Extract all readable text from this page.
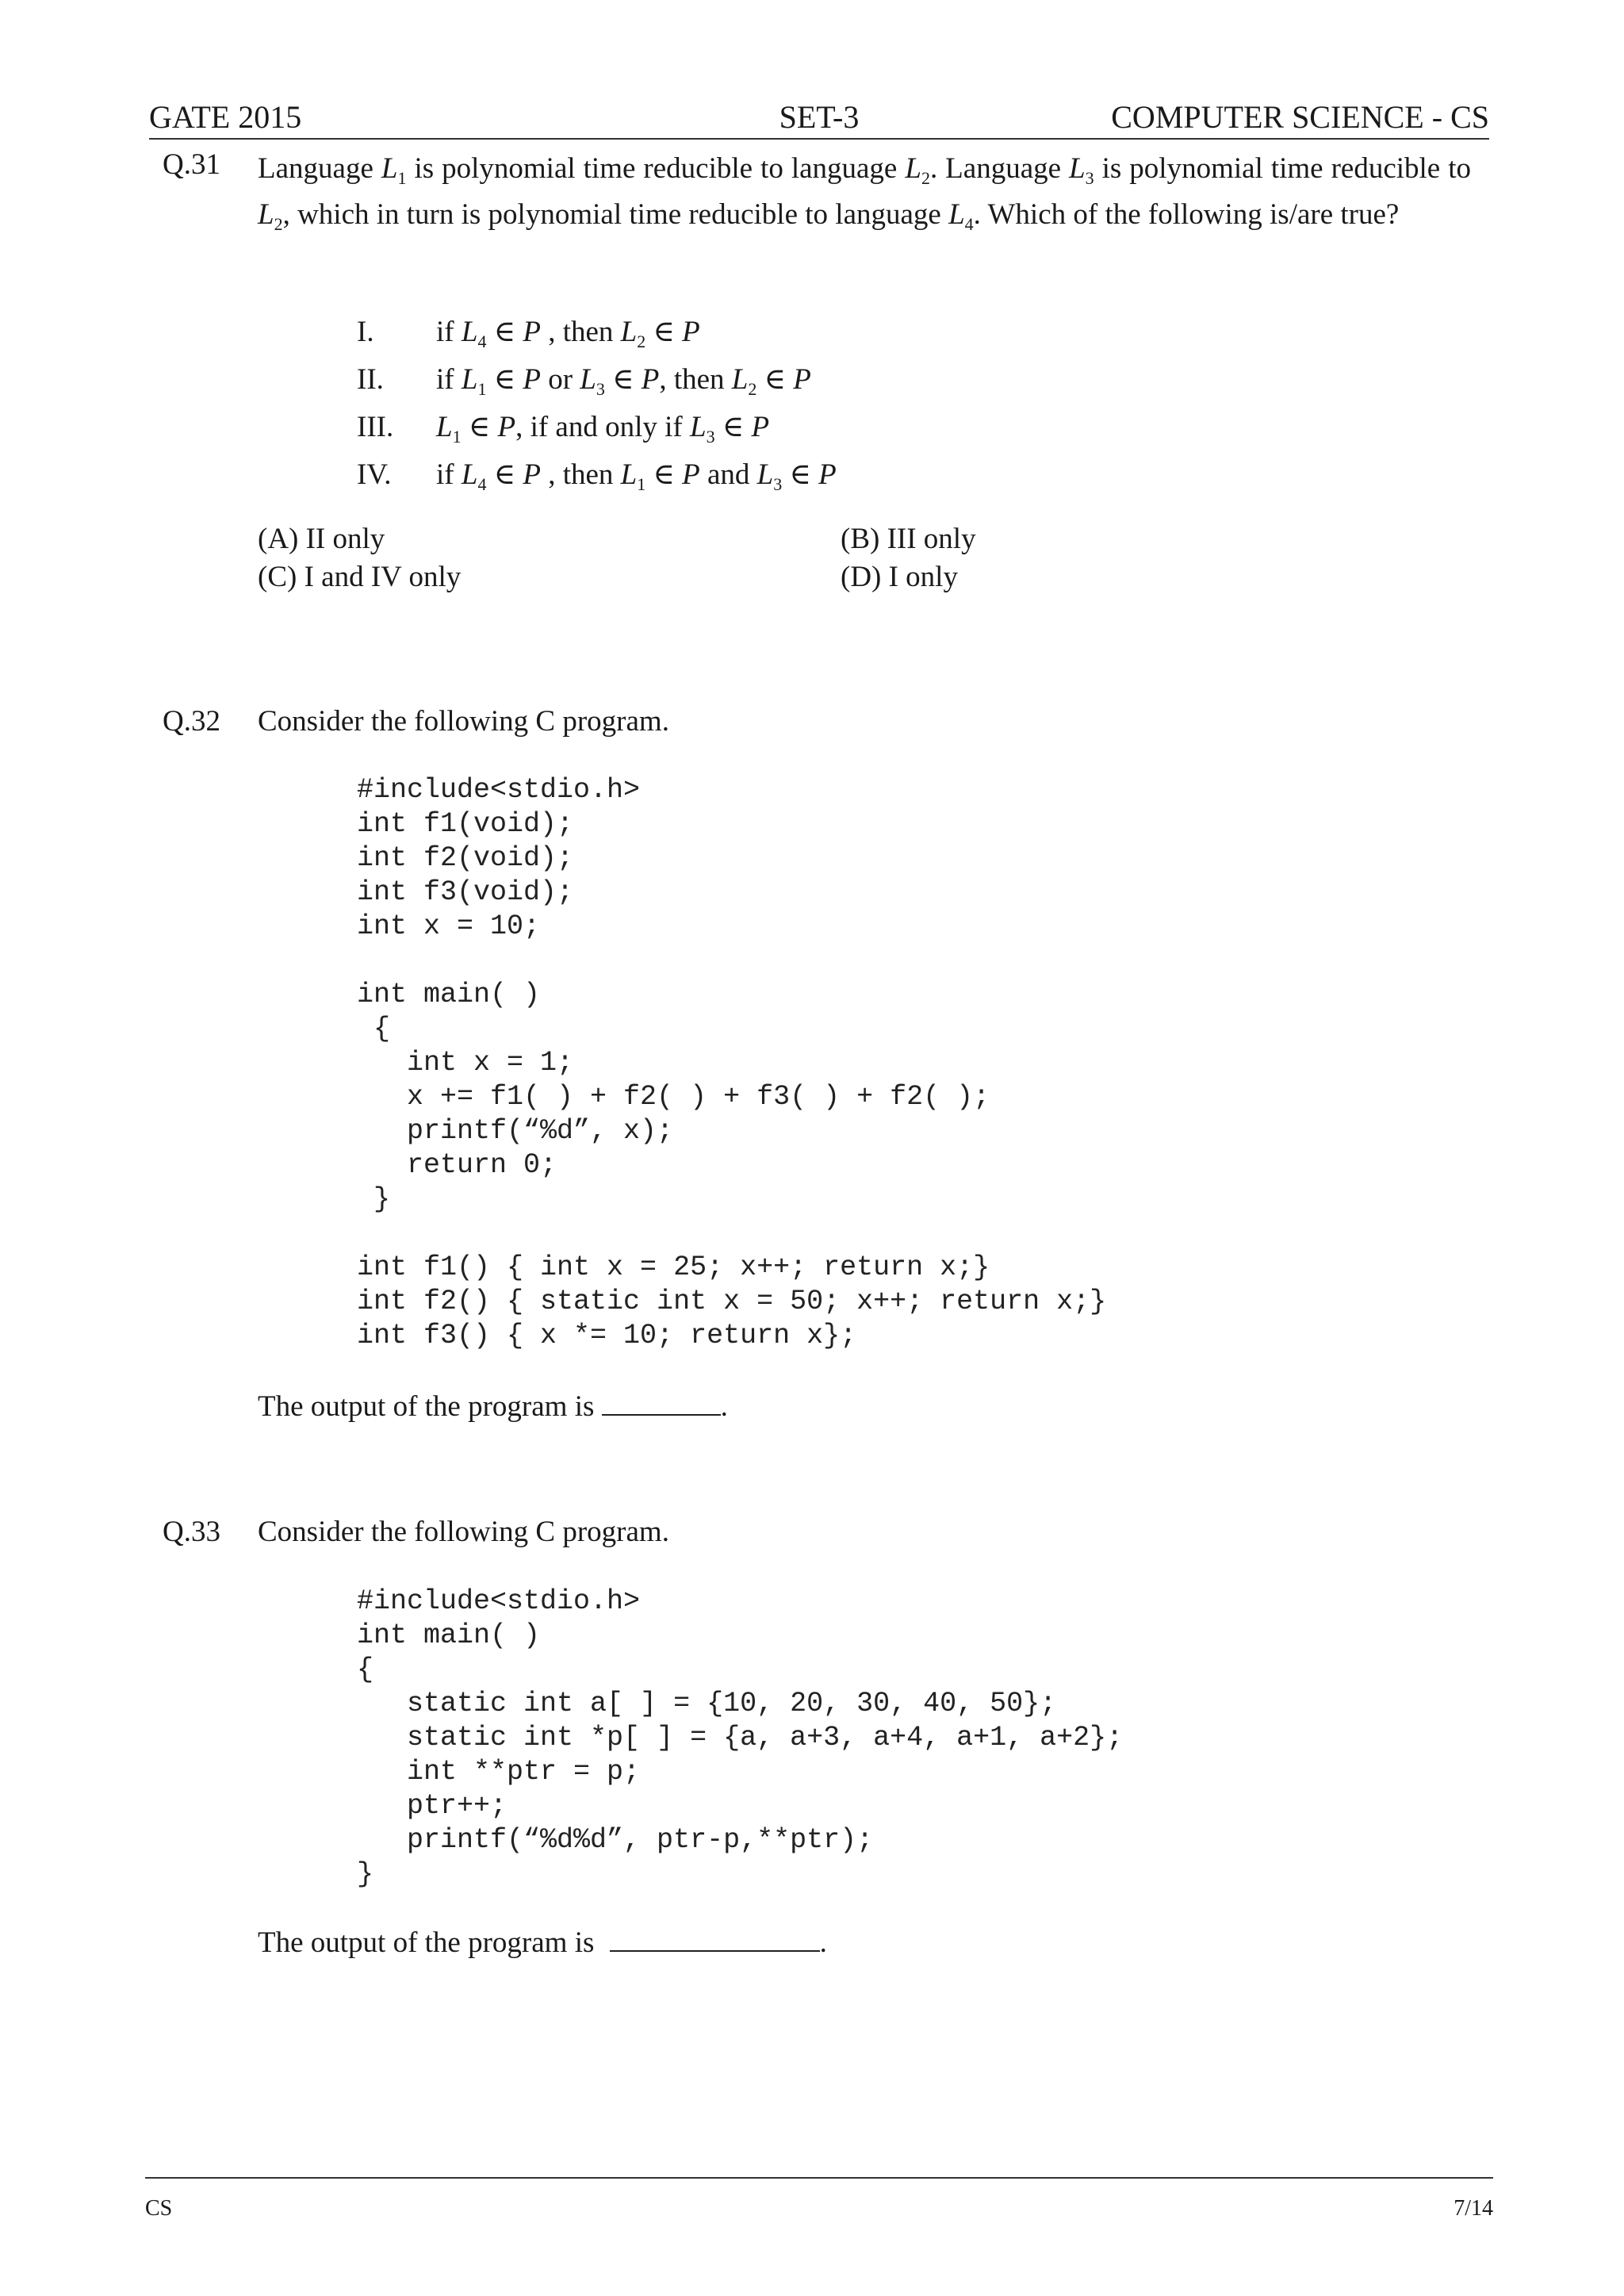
GATE 2015	SET-3	COMPUTER SCIENCE - CS
Q.31 Language $L_1$ is polynomial time reducible to language $L_2$. Language $L_3$ is polynomial time reducible to $L_2$, which in turn is polynomial time reducible to language $L_4$. Which of the following is/are true?
I. if $L_4$ ∈ P , then $L_2$ ∈ P
II. if $L_1$ ∈ P or $L_3$ ∈ P, then $L_2$ ∈ P
III. $L_1$ ∈ P, if and only if $L_3$ ∈ P
IV. if $L_4$ ∈ P , then $L_1$ ∈ P and $L_3$ ∈ P
(A) II only	(B) III only
(C) I and IV only	(D) I only
Q.32 Consider the following C program.
#include<stdio.h>
int f1(void);
int f2(void);
int f3(void);
int x = 10;

int main( )
{
int x = 1;
x += f1( ) + f2( ) + f3( ) + f2( );
printf(“%d”, x);
return 0;
}

int f1() { int x = 25; x++; return x;}
int f2() { static int x = 50; x++; return x;}
int f3() { x *= 10; return x};
The output of the program is	.
Q.33 Consider the following C program.
#include<stdio.h>
int main( )
{
static int a[ ] = {10, 20, 30, 40, 50};
static int *p[ ] = {a, a+3, a+4, a+1, a+2};
int **ptr = p;
ptr++;
printf(“%d%d”, ptr-p,**ptr);
}
The output of the program is	.
CS	7/14
